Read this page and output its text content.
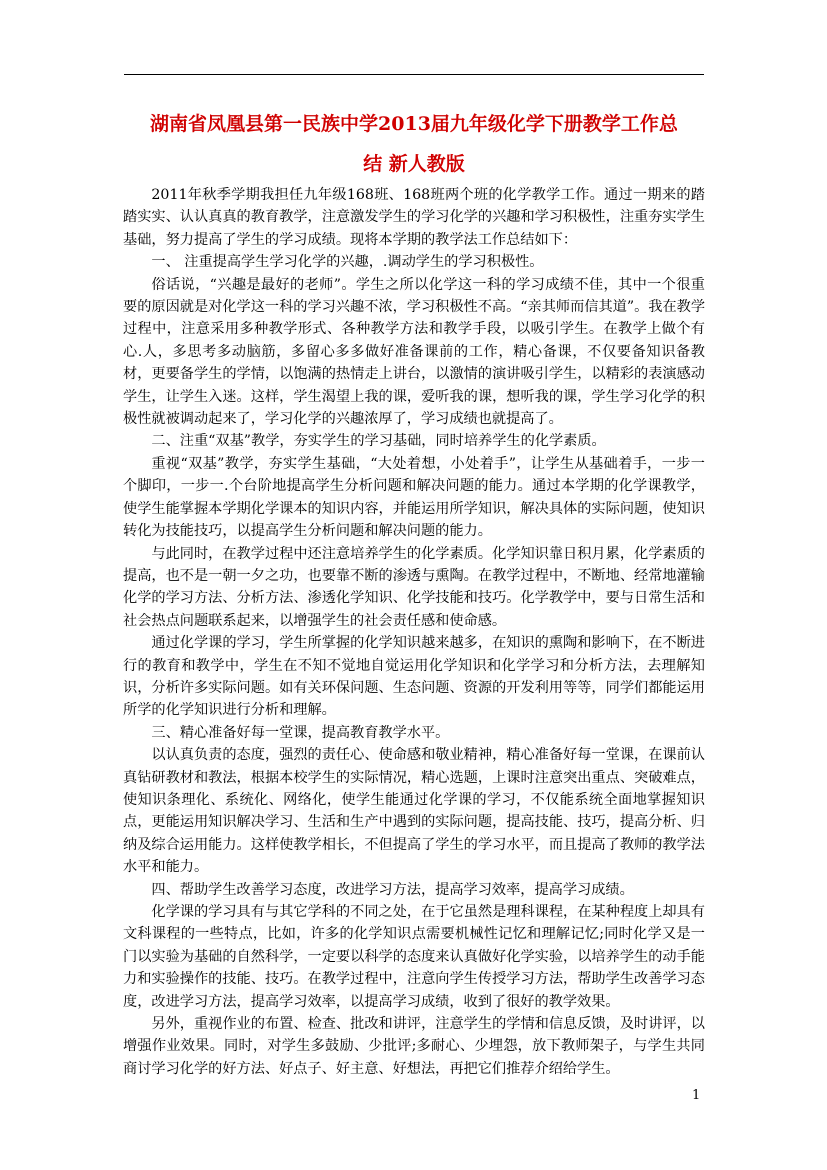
湖南省凤凰县第一民族中学2013届九年级化学下册教学工作总
结 新人教版

2011年秋季学期我担任九年级168班、168班两个班的化学教学工作。通过一期来的踏踏实实、认认真真的教育教学，注意激发学生的学习化学的兴趣和学习积极性，注重夯实学生基础，努力提高了学生的学习成绩。现将本学期的教学法工作总结如下：

一、 注重提高学生学习化学的兴趣，.调动学生的学习积极性。

俗话说，“兴趣是最好的老师”。学生之所以化学这一科的学习成绩不佳，其中一个很重要的原因就是对化学这一科的学习兴趣不浓，学习积极性不高。“亲其师而信其道”。我在教学过程中，注意采用多种教学形式、各种教学方法和教学手段，以吸引学生。在教学上做个有心.人，多思考多动脑筋，多留心多多做好准备课前的工作，精心备课，不仅要备知识备教材，更要备学生的学情，以饱满的热情走上讲台，以激情的演讲吸引学生，以精彩的表演感动学生，让学生入迷。这样，学生渴望上我的课，爱听我的课，想听我的课，学生学习化学的积极性就被调动起来了，学习化学的兴趣浓厚了，学习成绩也就提高了。

二、注重“双基”教学，夯实学生的学习基础，同时培养学生的化学素质。

重视“双基”教学，夯实学生基础，“大处着想，小处着手”，让学生从基础着手，一步一个脚印，一步一.个台阶地提高学生分析问题和解决问题的能力。通过本学期的化学课教学，使学生能掌握本学期化学课本的知识内容，并能运用所学知识，解决具体的实际问题，使知识转化为技能技巧，以提高学生分析问题和解决问题的能力。

与此同时，在教学过程中还注意培养学生的化学素质。化学知识靠日积月累，化学素质的提高，也不是一朝一夕之功，也要靠不断的渗透与熏陶。在教学过程中，不断地、经常地灌输化学的学习方法、分析方法、渗透化学知识、化学技能和技巧。化学教学中，要与日常生活和社会热点问题联系起来，以增强学生的社会责任感和使命感。

通过化学课的学习，学生所掌握的化学知识越来越多，在知识的熏陶和影响下，在不断进行的教育和教学中，学生在不知不觉地自觉运用化学知识和化学学习和分析方法，去理解知识，分析许多实际问题。如有关环保问题、生态问题、资源的开发利用等等，同学们都能运用所学的化学知识进行分析和理解。

三、精心准备好每一堂课，提高教育教学水平。

以认真负责的态度，强烈的责任心、使命感和敬业精神，精心准备好每一堂课，在课前认真钻研教材和教法，根据本校学生的实际情况，精心选题，上课时注意突出重点、突破难点，使知识条理化、系统化、网络化，使学生能通过化学课的学习，不仅能系统全面地掌握知识点，更能运用知识解决学习、生活和生产中遇到的实际问题，提高技能、技巧，提高分析、归纳及综合运用能力。这样使教学相长，不但提高了学生的学习水平，而且提高了教师的教学法水平和能力。

四、帮助学生改善学习态度，改进学习方法，提高学习效率，提高学习成绩。

化学课的学习具有与其它学科的不同之处，在于它虽然是理科课程，在某种程度上却具有文科课程的一些特点，比如，许多的化学知识点需要机械性记忆和理解记忆;同时化学又是一门以实验为基础的自然科学，一定要以科学的态度来认真做好化学实验，以培养学生的动手能力和实验操作的技能、技巧。在教学过程中，注意向学生传授学习方法，帮助学生改善学习态度，改进学习方法，提高学习效率，以提高学习成绩，收到了很好的教学效果。

另外，重视作业的布置、检查、批改和讲评，注意学生的学情和信息反馈，及时讲评，以增强作业效果。同时，对学生多鼓励、少批评;多耐心、少埋怨，放下教师架子，与学生共同商讨学习化学的好方法、好点子、好主意、好想法，再把它们推荐介绍给学生。

1
